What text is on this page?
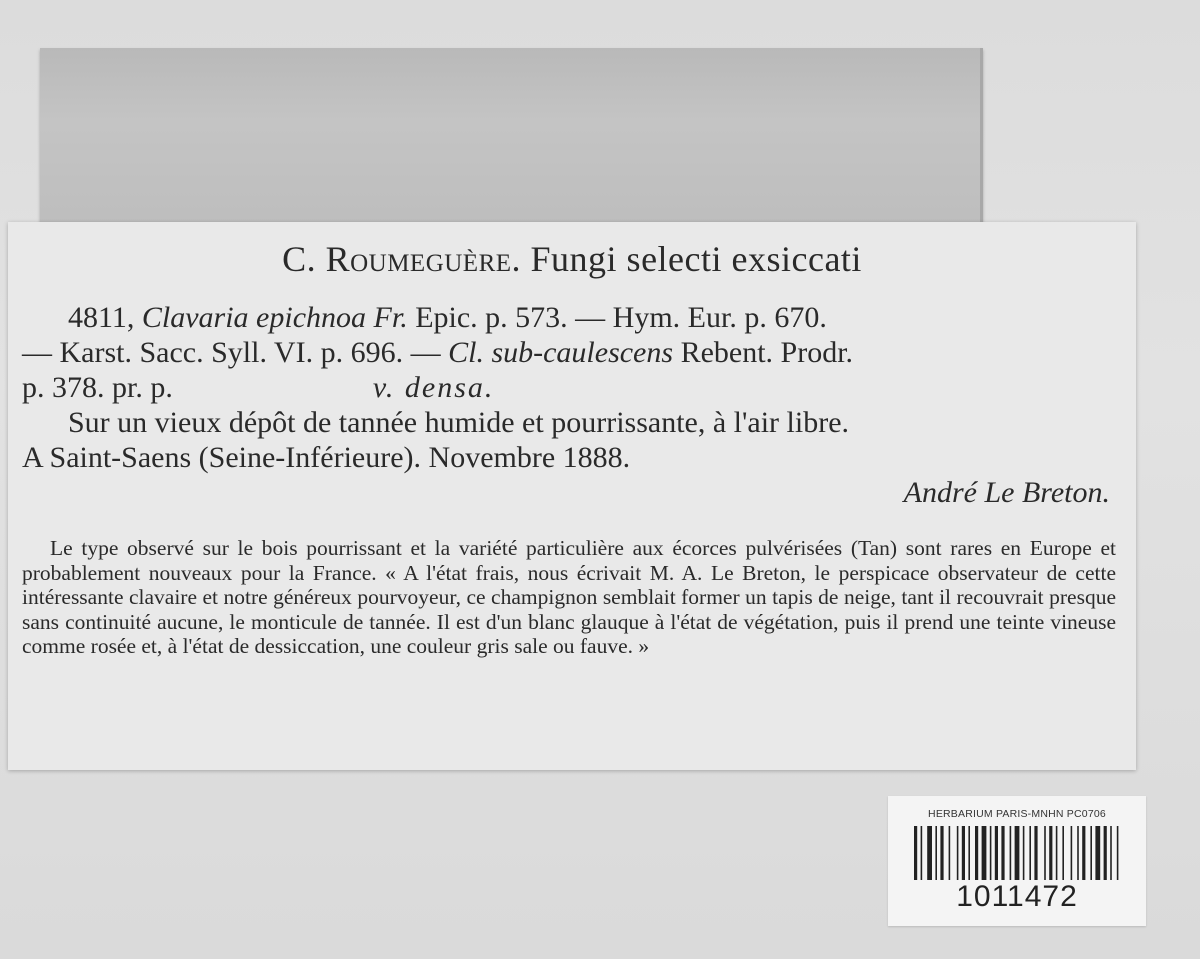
C. Roumeguère. Fungi selecti exsiccati
4811, Clavaria epichnoa Fr. Epic. p. 573. — Hym. Eur. p. 670.
— Karst. Sacc. Syll. VI. p. 696. — Cl. sub-caulescens Rebent. Prodr.
p. 378. pr. p.	v. densa.
Sur un vieux dépôt de tannée humide et pourrissante, à l'air libre.
A Saint-Saens (Seine-Inférieure). Novembre 1888.
André Le Breton.
Le type observé sur le bois pourrissant et la variété particulière aux écorces pulvérisées (Tan) sont rares en Europe et probablement nouveaux pour la France. « A l'état frais, nous écrivait M. A. Le Breton, le perspicace observateur de cette intéressante clavaire et notre généreux pourvoyeur, ce champignon semblait former un tapis de neige, tant il recouvrait presque sans continuité aucune, le monticule de tannée. Il est d'un blanc glauque à l'état de végétation, puis il prend une teinte vineuse comme rosée et, à l'état de dessiccation, une couleur gris sale ou fauve. »
HERBARIUM PARIS-MNHN PC0706
1011472
